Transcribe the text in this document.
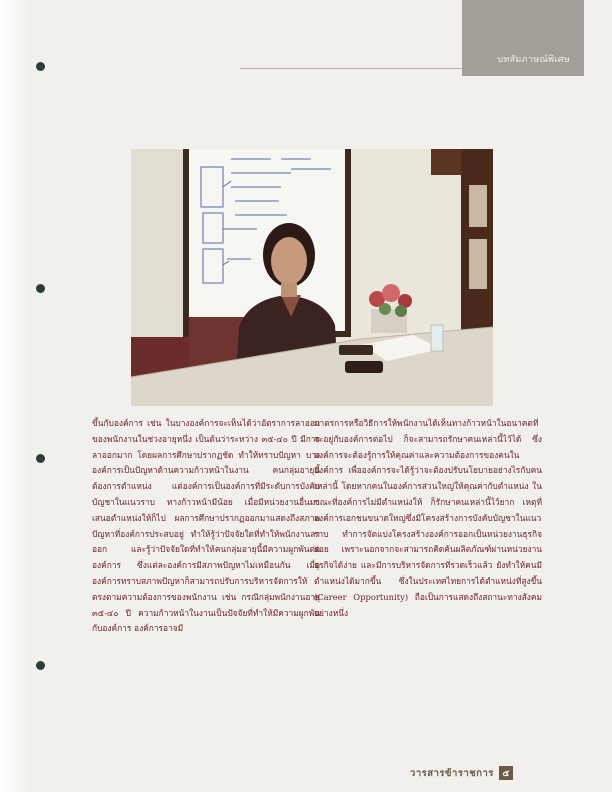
บทสัมภาษณ์พิเศษ

ขึ้นกับองค์การ เช่น ในบางองค์การจะเห็นได้ว่าอัตราการลาออกของพนักงานในช่วงอายุหนึ่ง เป็นต้นว่าระหว่าง ๓๕-๔๐ ปี มีการลาออกมาก โดยผลการศึกษาปรากฏชัด ทำให้ทราบปัญหา บางองค์การเป็นปัญหาด้านความก้าวหน้าในงาน คนกลุ่มอายุนี้ต้องการตำแหน่ง แต่องค์การเป็นองค์การที่มีระดับการบังคับบัญชาในแนวราบ ทางก้าวหน้ามีน้อย เมื่อมีหน่วยงานอื่นมาเสนอตำแหน่งให้ก็ไป ผลการศึกษาปรากฏออกมาแสดงถึงสภาพปัญหาที่องค์การประสบอยู่ ทำให้รู้ว่าปัจจัยใดที่ทำให้พนักงานลาออก และรู้ว่าปัจจัยใดที่ทำให้คนกลุ่มอายุนี้มีความผูกพันต่อองค์การ ซึ่งแต่ละองค์การมีสภาพปัญหาไม่เหมือนกัน เมื่อองค์การทราบสภาพปัญหาก็สามารถปรับการบริหารจัดการให้ตรงตามความต้องการของพนักงาน เช่น กรณีกลุ่มพนักงานอายุ ๓๕-๔๐ ปี ความก้าวหน้าในงานเป็นปัจจัยที่ทำให้มีความผูกพันกับองค์การ องค์การอาจมี

มาตรการหรือวิธีการให้พนักงานได้เห็นทางก้าวหน้าในอนาคตที่จะอยู่กับองค์การต่อไป ก็จะสามารถรักษาคนเหล่านี้ไว้ได้ ซึ่งองค์การจะต้องรู้การให้คุณค่าและความต้องการของคนในองค์การ เพื่อองค์การจะได้รู้ว่าจะต้องปรับนโยบายอย่างไรกับคนเหล่านี้ โดยหากคนในองค์การส่วนใหญ่ให้คุณค่ากับตำแหน่ง ในขณะที่องค์การไม่มีตำแหน่งให้ ก็รักษาคนเหล่านี้ไว้ยาก เหตุที่องค์การเอกชนขนาดใหญ่ซึ่งมีโครงสร้างการบังคับบัญชาในแนวราบ ทำการจัดแบ่งโครงสร้างองค์การออกเป็นหน่วยงานธุรกิจย่อย เพราะนอกจากจะสามารถคิดค้นผลิตภัณฑ์ผ่านหน่วยงานธุรกิจได้ง่าย และมีการบริหารจัดการที่รวดเร็วแล้ว ยังทำให้คนมีตำแหน่งได้มากขึ้น ซึ่งในประเทศไทยการได้ตำแหน่งที่สูงขึ้น (Career Opportunity) ถือเป็นการแสดงถึงสถานะทางสังคมอย่างหนึ่ง

วารสารข้าราชการ ๕
